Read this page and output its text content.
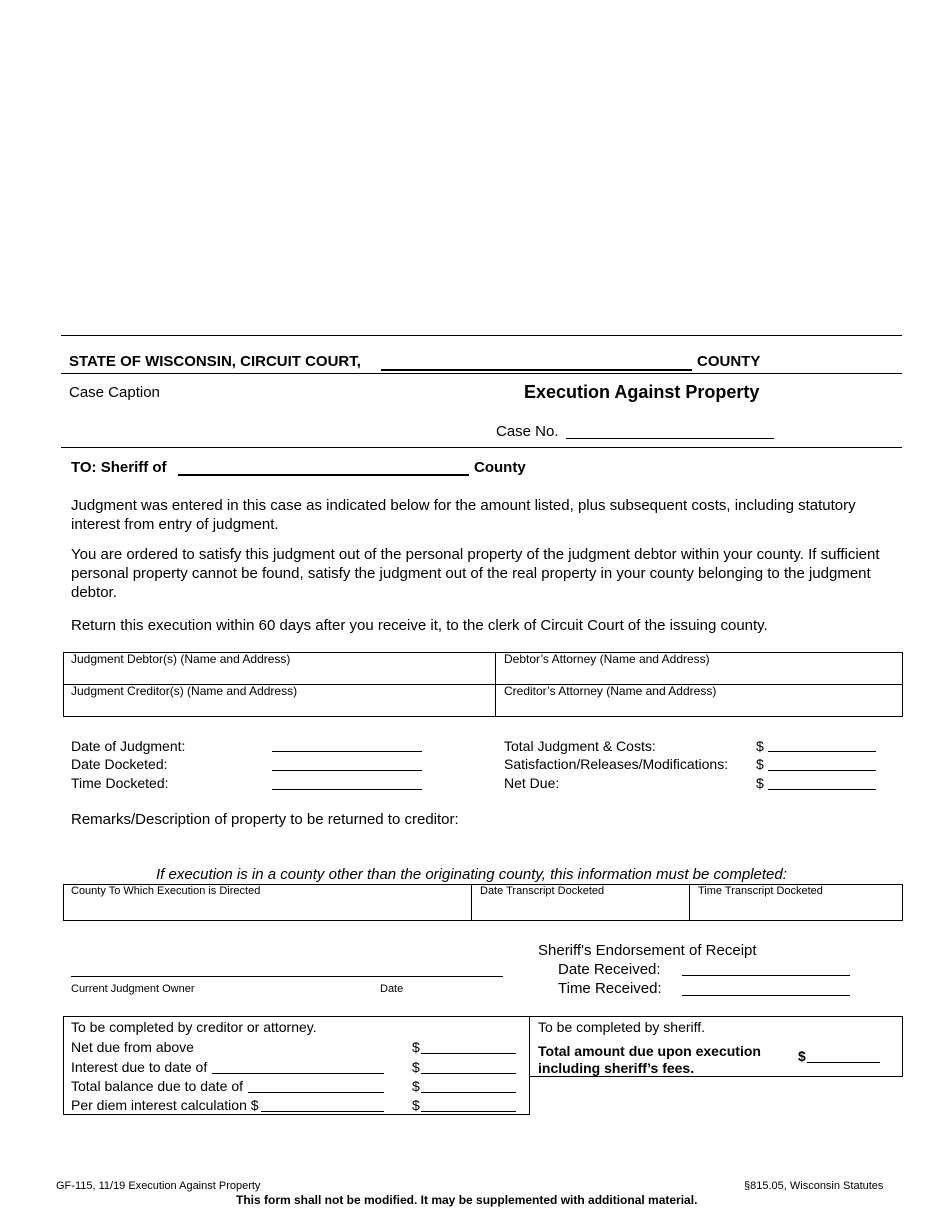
STATE OF WISCONSIN, CIRCUIT COURT,	COUNTY
Case Caption	Execution Against Property
Case No.
TO: Sheriff of	County

Judgment was entered in this case as indicated below for the amount listed, plus subsequent costs, including statutory interest from entry of judgment.

You are ordered to satisfy this judgment out of the personal property of the judgment debtor within your county. If sufficient personal property cannot be found, satisfy the judgment out of the real property in your county belonging to the judgment debtor.

Return this execution within 60 days after you receive it, to the clerk of Circuit Court of the issuing county.

Judgment Debtor(s) (Name and Address)	Debtor’s Attorney (Name and Address)
Judgment Creditor(s) (Name and Address)	Creditor’s Attorney (Name and Address)
Date of Judgment:
Date Docketed:
Time Docketed:
Total Judgment & Costs:	$
Satisfaction/Releases/Modifications: $
Net Due:	$
Remarks/Description of property to be returned to creditor:
If execution is in a county other than the originating county, this information must be completed:
County To Which Execution is Directed	Date Transcript Docketed	Time Transcript Docketed
Current Judgment Owner	Date
Sheriff's Endorsement of Receipt
Date Received:
Time Received:
To be completed by creditor or attorney.
Net due from above	$
Interest due to date of	$
Total balance due to date of	$
Per diem interest calculation $	$
To be completed by sheriff.
Total amount due upon execution
including sheriff’s fees.
$
GF-115, 11/19 Execution Against Property	§815.05, Wisconsin Statutes
This form shall not be modified. It may be supplemented with additional material.
